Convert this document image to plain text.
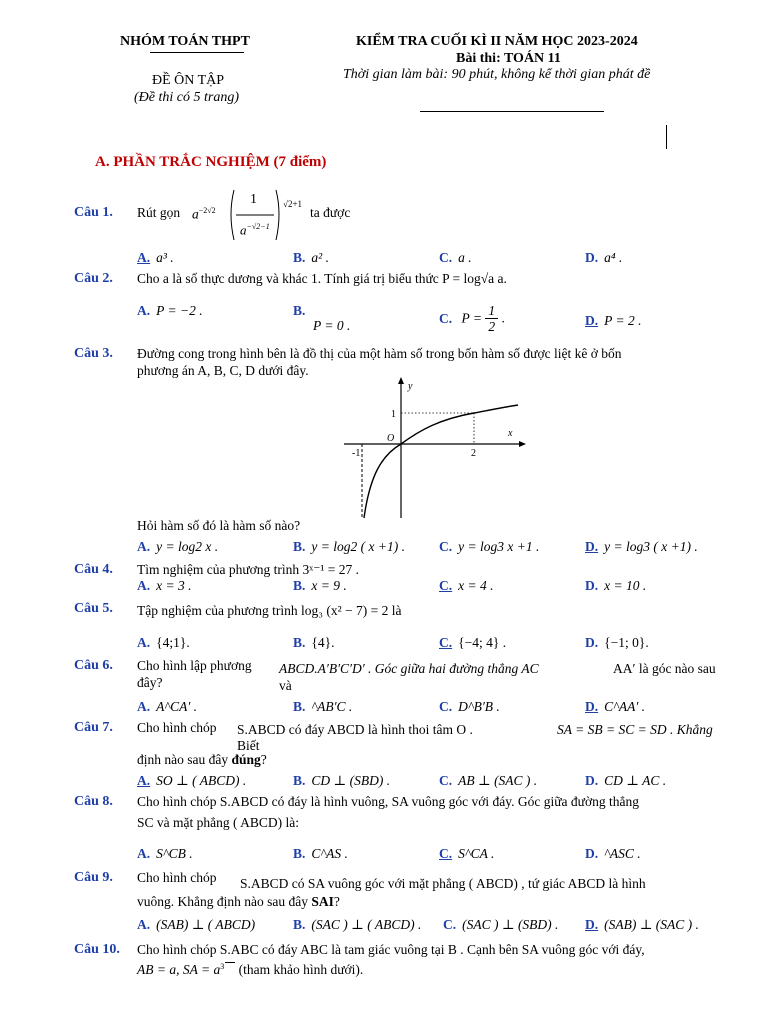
NHÓM TOÁN THPT
ĐỀ ÔN TẬP
(Đề thi có 5 trang)
KIỂM TRA CUỐI KÌ II NĂM HỌC 2023-2024
Bài thi: TOÁN 11
Thời gian làm bài: 90 phút, không kể thời gian phát đề
A. PHẦN TRẮC NGHIỆM (7 điểm)
Câu 1. Rút gọn $a^{-2√2}$
1
$a^{-√2-1}$
√2+1
ta được
A. a³ .	B. a² .	C. a .	D. a⁴ .
Câu 2. Cho a là số thực dương và khác 1. Tính giá trị biểu thức P = log√a a.
A. P = −2 .	B.
P = 0 .	C. $P = \frac{1}{2}$ .	D. P = 2 .
Câu 3. Đường cong trong hình bên là đồ thị của một hàm số trong bốn hàm số được liệt kê ở bốn
phương án A, B, C, D dưới đây.
y
x
O
-1	2
1
Hỏi hàm số đó là hàm số nào?
A. y = log2 x .	B. y = log2 ( x +1) .	C. y = log3 x +1 .	D. y = log3 ( x +1) .
Câu 4. Tìm nghiệm của phương trình 3ˣ⁻¹ = 27 .
A. x = 3 .	B. x = 9 .	C. x = 4 .	D. x = 10 .
Câu 5. Tập nghiệm của phương trình log₃ (x² − 7) = 2 là
A. {4;1}.	B. {4}.	C. {−4; 4} .	D. {−1; 0}.
Câu 6. Cho hình lập phương
đây?
ABCD.A′B′C′D′ . Góc giữa hai đường thẳng AC
và
AA′ là góc nào sau
A. A^CA′ .	B. ^AB′C .	C. D^B′B .	D. C^AA′ .
Câu 7. Cho hình chóp S.ABCD có đáy ABCD là hình thoi tâm O .
Biết
SA = SB = SC = SD . Khẳng
định nào sau đây đúng?
A. SO ⊥ ( ABCD) .	B. CD ⊥ (SBD) .	C. AB ⊥ (SAC ) .	D. CD ⊥ AC .
Câu 8. Cho hình chóp S.ABCD có đáy là hình vuông, SA vuông góc với đáy. Góc giữa đường thẳng
SC và mặt phẳng ( ABCD) là:
A. S^CB .	B. C^AS .	C. S^CA .	D. ^ASC .
Câu 9. Cho hình chóp S.ABCD có SA vuông góc với mặt phẳng ( ABCD) , tứ giác ABCD là hình
vuông. Khẳng định nào sau đây SAI?
A. (SAB) ⊥ ( ABCD)	B. (SAC ) ⊥ ( ABCD) . C. (SAC ) ⊥ (SBD) . D. (SAB) ⊥ (SAC ) .
Câu 10. Cho hình chóp S.ABC có đáy ABC là tam giác vuông tại B . Cạnh bên SA vuông góc với đáy,
AB = a, SA = $a^3$ (tham khảo hình dưới).
